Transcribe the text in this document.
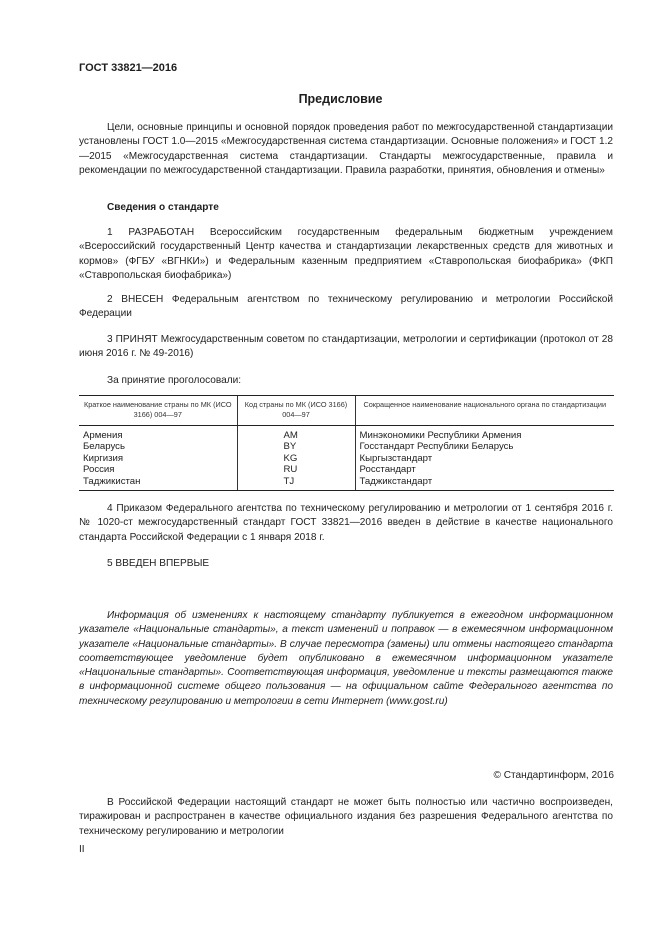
ГОСТ 33821—2016
Предисловие

Цели, основные принципы и основной порядок проведения работ по межгосударственной стандартизации установлены ГОСТ 1.0—2015 «Межгосударственная система стандартизации. Основные положения» и ГОСТ 1.2—2015 «Межгосударственная система стандартизации. Стандарты межгосударственные, правила и рекомендации по межгосударственной стандартизации. Правила разработки, принятия, обновления и отмены»

Сведения о стандарте

1 РАЗРАБОТАН Всероссийским государственным федеральным бюджетным учреждением «Всероссийский государственный Центр качества и стандартизации лекарственных средств для животных и кормов» (ФГБУ «ВГНКИ») и Федеральным казенным предприятием «Ставропольская биофабрика» (ФКП «Ставропольская биофабрика»)

2 ВНЕСЕН Федеральным агентством по техническому регулированию и метрологии Российской Федерации

3 ПРИНЯТ Межгосударственным советом по стандартизации, метрологии и сертификации (протокол от 28 июня 2016 г. № 49-2016)

За принятие проголосовали:

Краткое наименование страны по МК (ИСО 3166) 004—97	Код страны по МК (ИСО 3166) 004—97	Сокращенное наименование национального органа по стандартизации
Армения	AM	Минэкономики Республики Армения
Беларусь	BY	Госстандарт Республики Беларусь
Киргизия	KG	Кыргызстандарт
Россия	RU	Росстандарт
Таджикистан	TJ	Таджикстандарт

4 Приказом Федерального агентства по техническому регулированию и метрологии от 1 сентября 2016 г. № 1020-ст межгосударственный стандарт ГОСТ 33821—2016 введен в действие в качестве национального стандарта Российской Федерации с 1 января 2018 г.

5 ВВЕДЕН ВПЕРВЫЕ

Информация об изменениях к настоящему стандарту публикуется в ежегодном информационном указателе «Национальные стандарты», а текст изменений и поправок — в ежемесячном информационном указателе «Национальные стандарты». В случае пересмотра (замены) или отмены настоящего стандарта соответствующее уведомление будет опубликовано в ежемесячном информационном указателе «Национальные стандарты». Соответствующая информация, уведомление и тексты размещаются также в информационной системе общего пользования — на официальном сайте Федерального агентства по техническому регулированию и метрологии в сети Интернет (www.gost.ru)

© Стандартинформ, 2016

В Российской Федерации настоящий стандарт не может быть полностью или частично воспроизведен, тиражирован и распространен в качестве официального издания без разрешения Федерального агентства по техническому регулированию и метрологии

II
